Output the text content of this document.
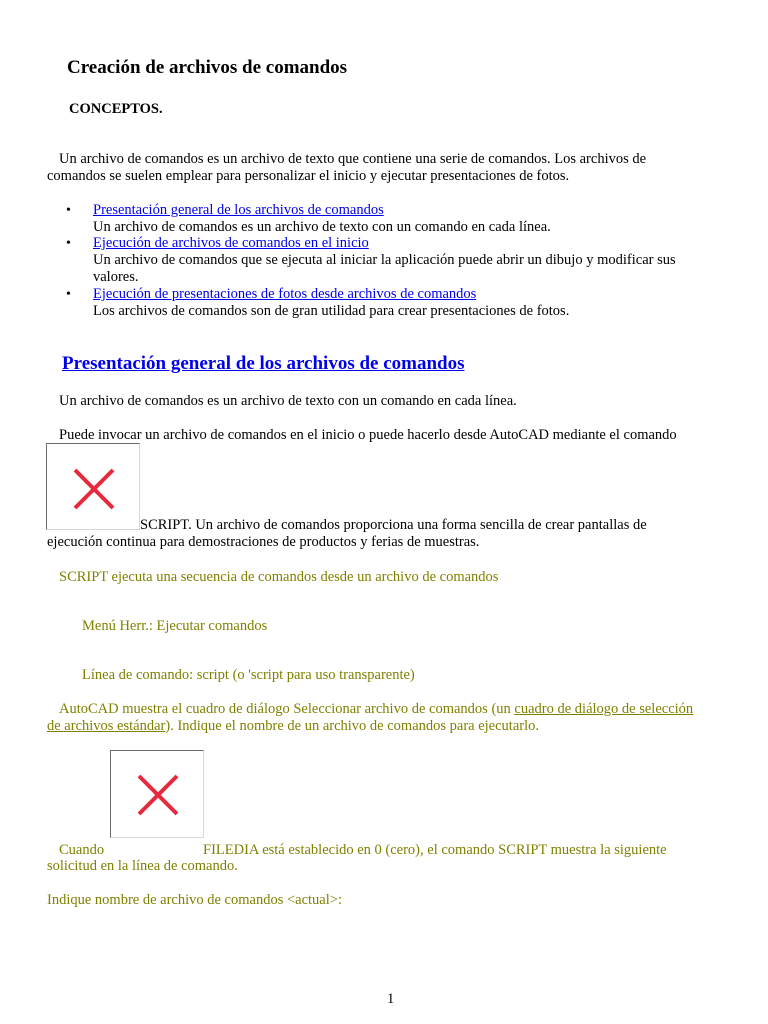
Creación de archivos de comandos
CONCEPTOS.
Un archivo de comandos es un archivo de texto que contiene una serie de comandos. Los archivos de
comandos se suelen emplear para personalizar el inicio y ejecutar presentaciones de fotos.
• Presentación general de los archivos de comandos
Un archivo de comandos es un archivo de texto con un comando en cada línea.
• Ejecución de archivos de comandos en el inicio
Un archivo de comandos que se ejecuta al iniciar la aplicación puede abrir un dibujo y modificar sus
valores.
• Ejecución de presentaciones de fotos desde archivos de comandos
Los archivos de comandos son de gran utilidad para crear presentaciones de fotos.
Presentación general de los archivos de comandos
Un archivo de comandos es un archivo de texto con un comando en cada línea.
Puede invocar un archivo de comandos en el inicio o puede hacerlo desde AutoCAD mediante el comando
SCRIPT. Un archivo de comandos proporciona una forma sencilla de crear pantallas de
ejecución continua para demostraciones de productos y ferias de muestras.
SCRIPT ejecuta una secuencia de comandos desde un archivo de comandos
Menú Herr.: Ejecutar comandos
Línea de comando: script (o 'script para uso transparente)
AutoCAD muestra el cuadro de diálogo Seleccionar archivo de comandos (un cuadro de diálogo de selección
de archivos estándar). Indique el nombre de un archivo de comandos para ejecutarlo.
Cuando	FILEDIA está establecido en 0 (cero), el comando SCRIPT muestra la siguiente
solicitud en la línea de comando.
Indique nombre de archivo de comandos <actual>:
1
